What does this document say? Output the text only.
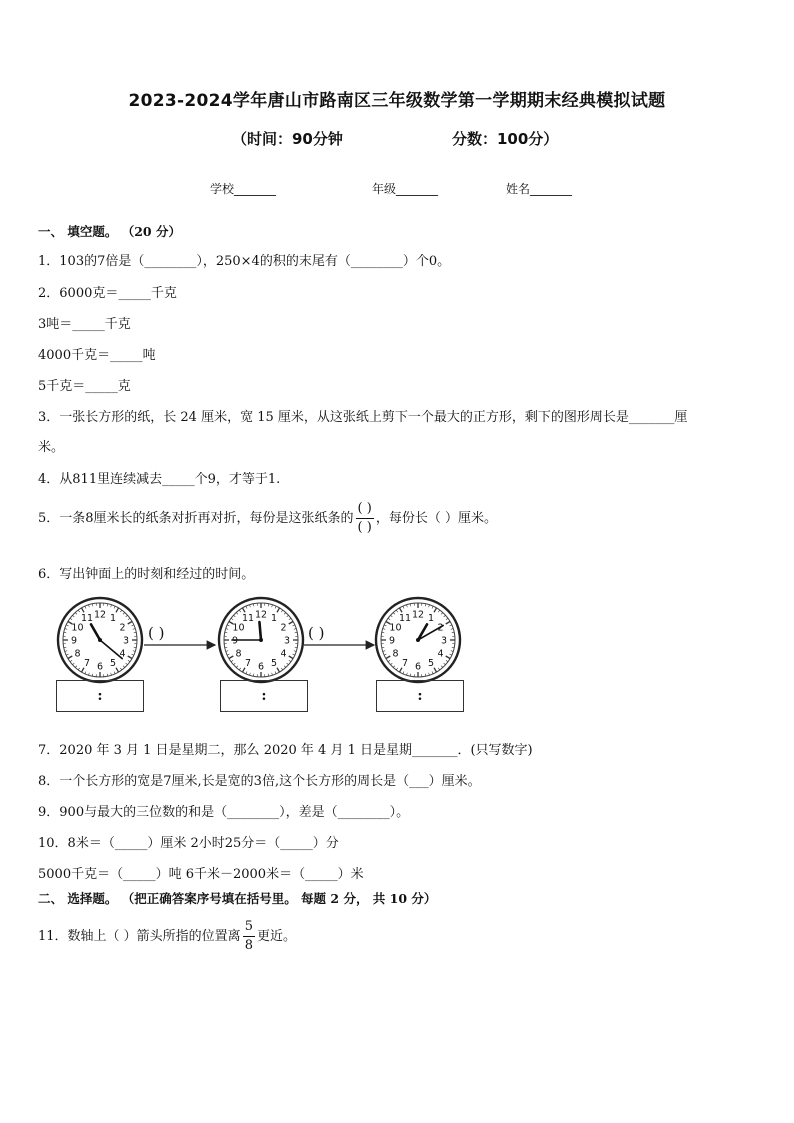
2023-2024学年唐山市路南区三年级数学第一学期期末经典模拟试题
（时间：90分钟	分数：100分）
学校_______	年级_______	姓名_______
一、 填空题。 （20 分）
1．103的7倍是（________），250×4的积的末尾有（________）个0。
2．6000克＝_____千克
3吨＝_____千克
4000千克＝_____吨
5千克＝_____克
3．一张长方形的纸，长 24 厘米，宽 15 厘米，从这张纸上剪下一个最大的正方形，剩下的图形周长是_______厘
米。
4．从811里连续减去_____个9，才等于1.
5．一条8厘米长的纸条对折再对折，每份是这张纸条的 $\frac{( )}{( )}$ ，每份长（ ）厘米。
6．写出钟面上的时刻和经过的时间。
12 1
2
3
4
5
6
7
8
9
10
11	12 1
2
3
4
5
6
7
8
9
10
11	12 1
2
3
4
5
6
7
8
9
10
11
( )	( )
:	:	:
7．2020 年 3 月 1 日是星期二，那么 2020 年 4 月 1 日是星期_______．(只写数字)
8．一个长方形的宽是7厘米,长是宽的3倍,这个长方形的周长是（___）厘米。
9．900与最大的三位数的和是（________），差是（________）。
10．8米＝（_____）厘米 2小时25分＝（_____）分
5000千克＝（_____）吨 6千米－2000米＝（_____）米
二、 选择题。 （把正确答案序号填在括号里。 每题 2 分， 共 10 分）
11．数轴上（ ）箭头所指的位置离 $\frac{5}{8}$ 更近。
